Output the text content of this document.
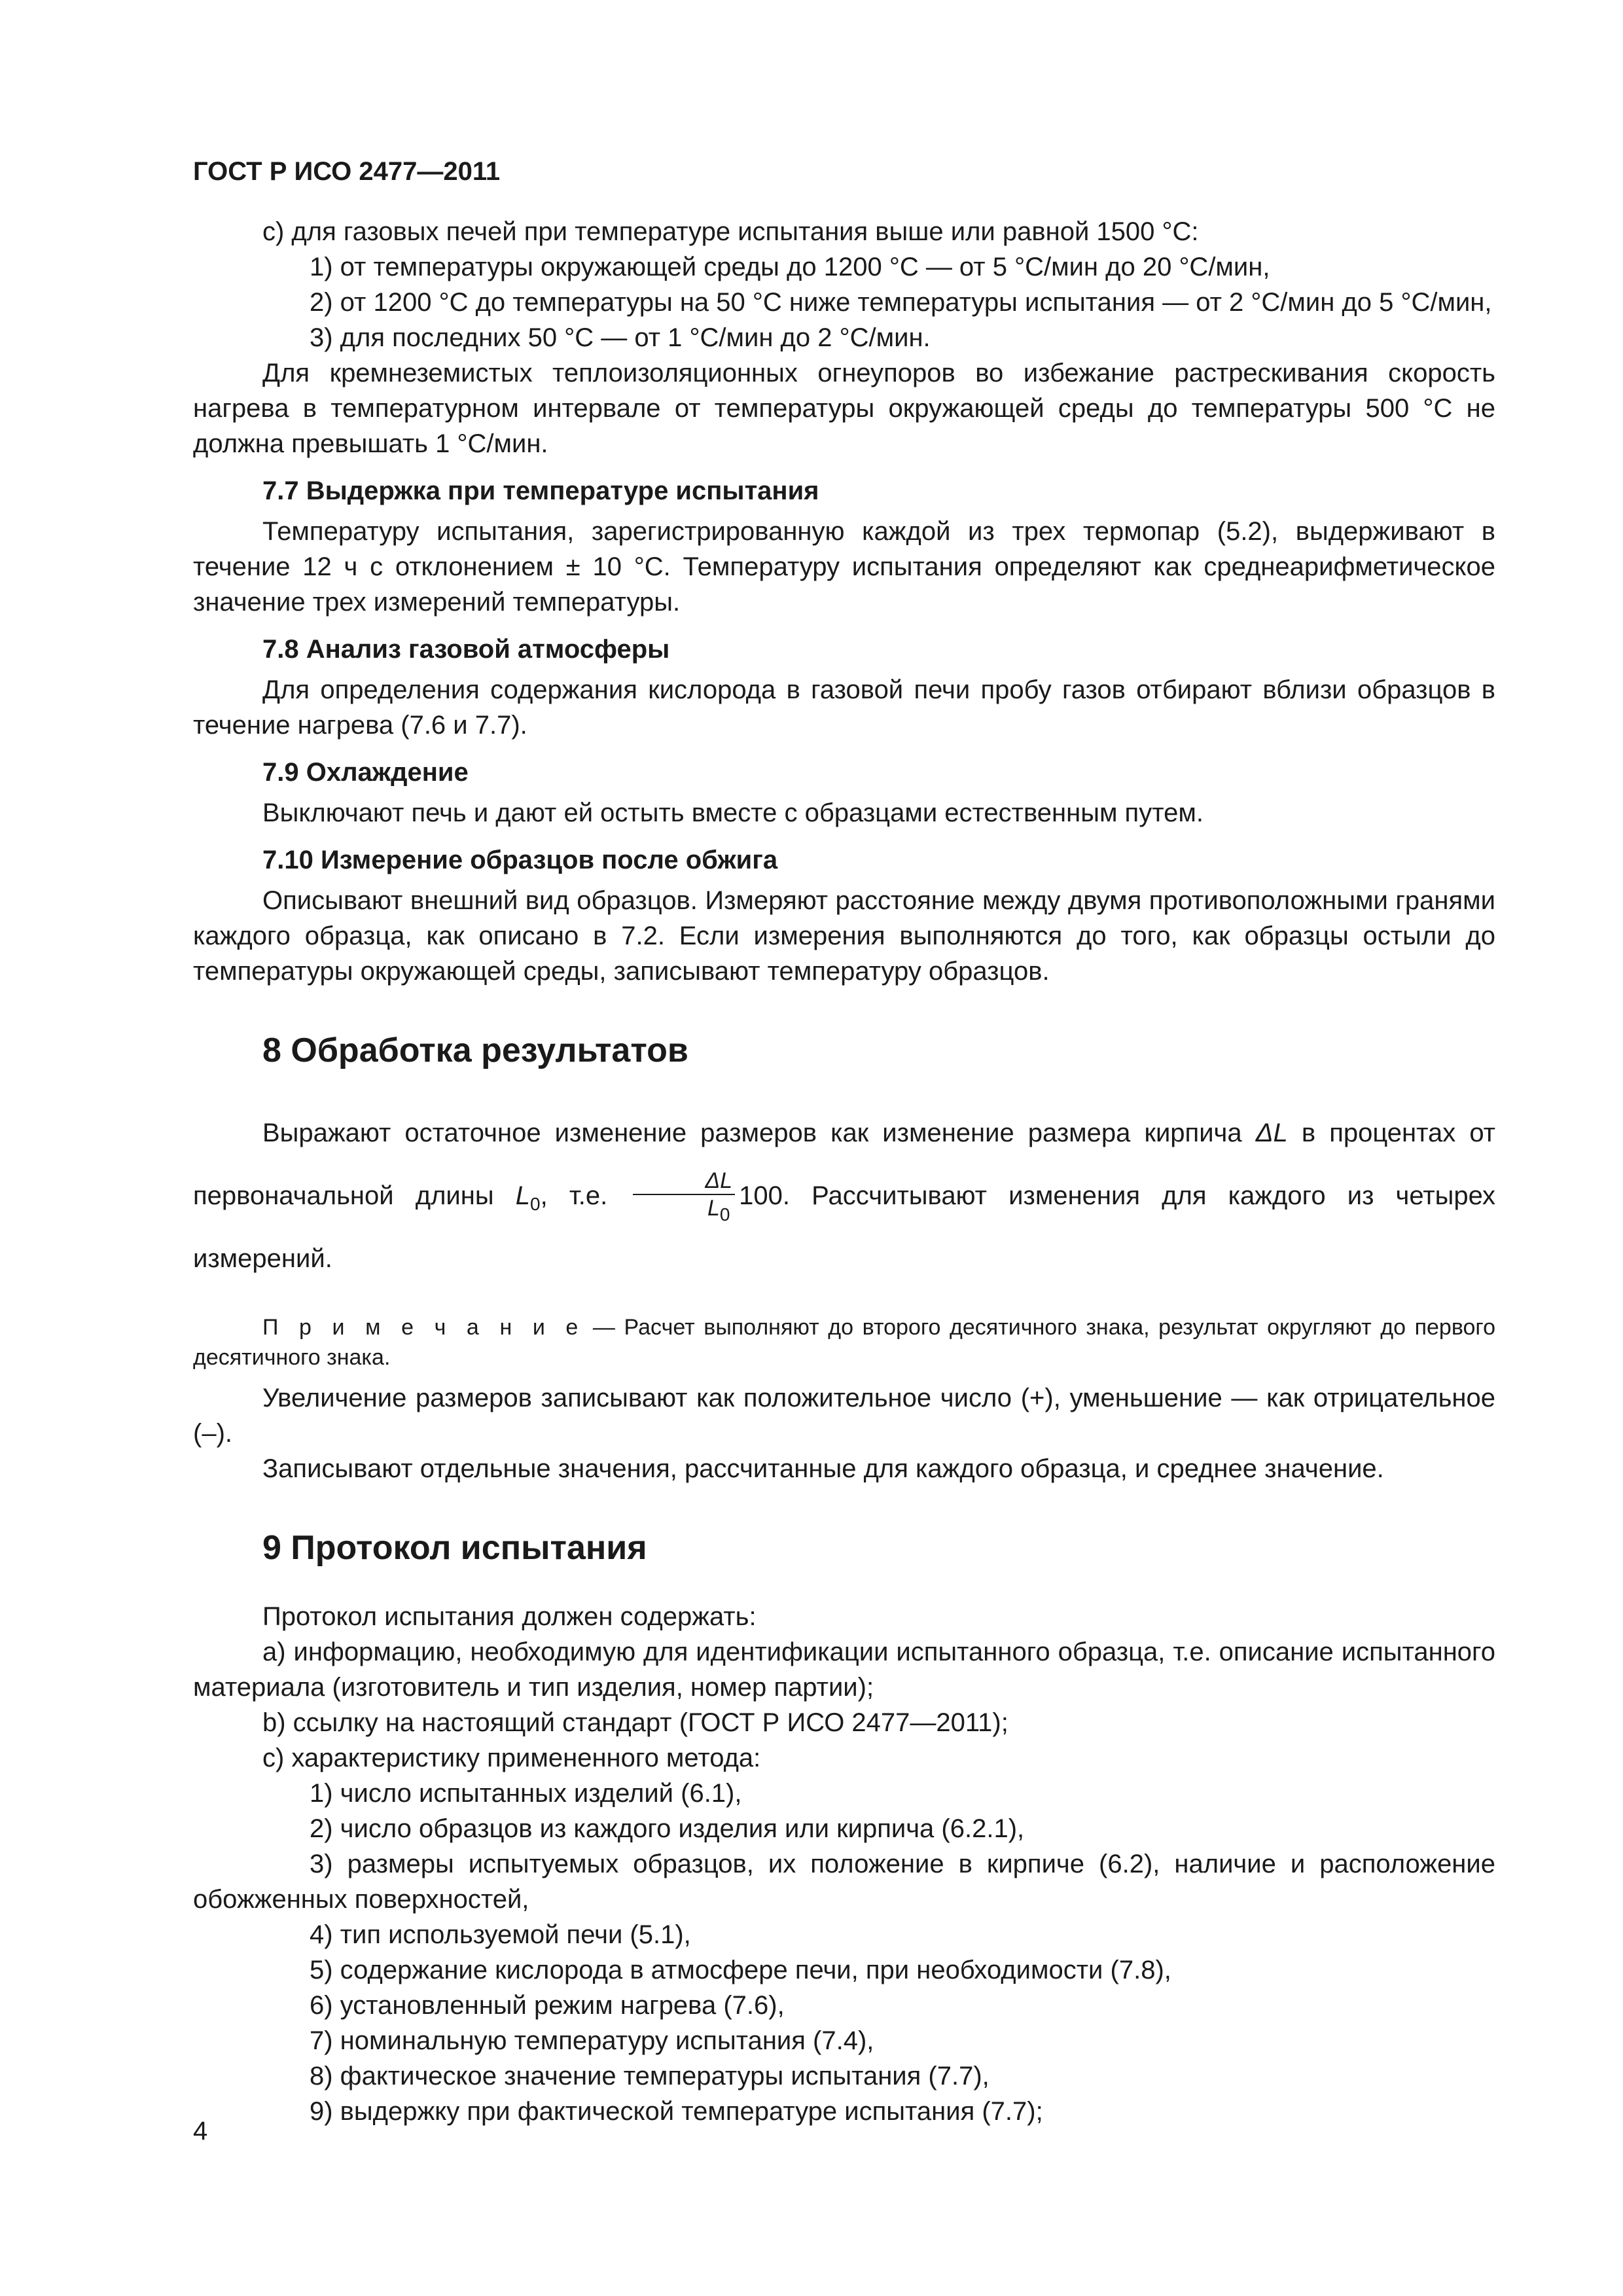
ГОСТ Р ИСО 2477—2011

c) для газовых печей при температуре испытания выше или равной 1500 °C:

1) от температуры окружающей среды до 1200 °C — от 5 °C/мин до 20 °C/мин,

2) от 1200 °C до температуры на 50 °C ниже температуры испытания — от 2 °C/мин до 5 °C/мин,

3) для последних 50 °C — от 1 °C/мин до 2 °C/мин.

Для кремнеземистых теплоизоляционных огнеупоров во избежание растрескивания скорость нагрева в температурном интервале от температуры окружающей среды до температуры 500 °C не должна превышать 1 °C/мин.

7.7 Выдержка при температуре испытания

Температуру испытания, зарегистрированную каждой из трех термопар (5.2), выдерживают в течение 12 ч с отклонением ± 10 °C. Температуру испытания определяют как среднеарифметическое значение трех измерений температуры.

7.8 Анализ газовой атмосферы

Для определения содержания кислорода в газовой печи пробу газов отбирают вблизи образцов в течение нагрева (7.6 и 7.7).

7.9 Охлаждение

Выключают печь и дают ей остыть вместе с образцами естественным путем.

7.10 Измерение образцов после обжига

Описывают внешний вид образцов. Измеряют расстояние между двумя противоположными гранями каждого образца, как описано в 7.2. Если измерения выполняются до того, как образцы остыли до температуры окружающей среды, записывают температуру образцов.

8 Обработка результатов

Выражают остаточное изменение размеров как изменение размера кирпича ΔL в процентах от первоначальной длины $L_0$, т.е. $\frac{\Delta L}{L_0} 100$. Рассчитывают изменения для каждого из четырех измерений.

П р и м е ч а н и е — Расчет выполняют до второго десятичного знака, результат округляют до первого десятичного знака.

Увеличение размеров записывают как положительное число (+), уменьшение — как отрицательное (–).

Записывают отдельные значения, рассчитанные для каждого образца, и среднее значение.

9 Протокол испытания

Протокол испытания должен содержать:

a) информацию, необходимую для идентификации испытанного образца, т.е. описание испытанного материала (изготовитель и тип изделия, номер партии);

b) ссылку на настоящий стандарт (ГОСТ Р ИСО 2477—2011);

c) характеристику примененного метода:

1) число испытанных изделий (6.1),

2) число образцов из каждого изделия или кирпича (6.2.1),

3) размеры испытуемых образцов, их положение в кирпиче (6.2), наличие и расположение обожженных поверхностей,

4) тип используемой печи (5.1),

5) содержание кислорода в атмосфере печи, при необходимости (7.8),

6) установленный режим нагрева (7.6),

7) номинальную температуру испытания (7.4),

8) фактическое значение температуры испытания (7.7),

9) выдержку при фактической температуре испытания (7.7);

4
